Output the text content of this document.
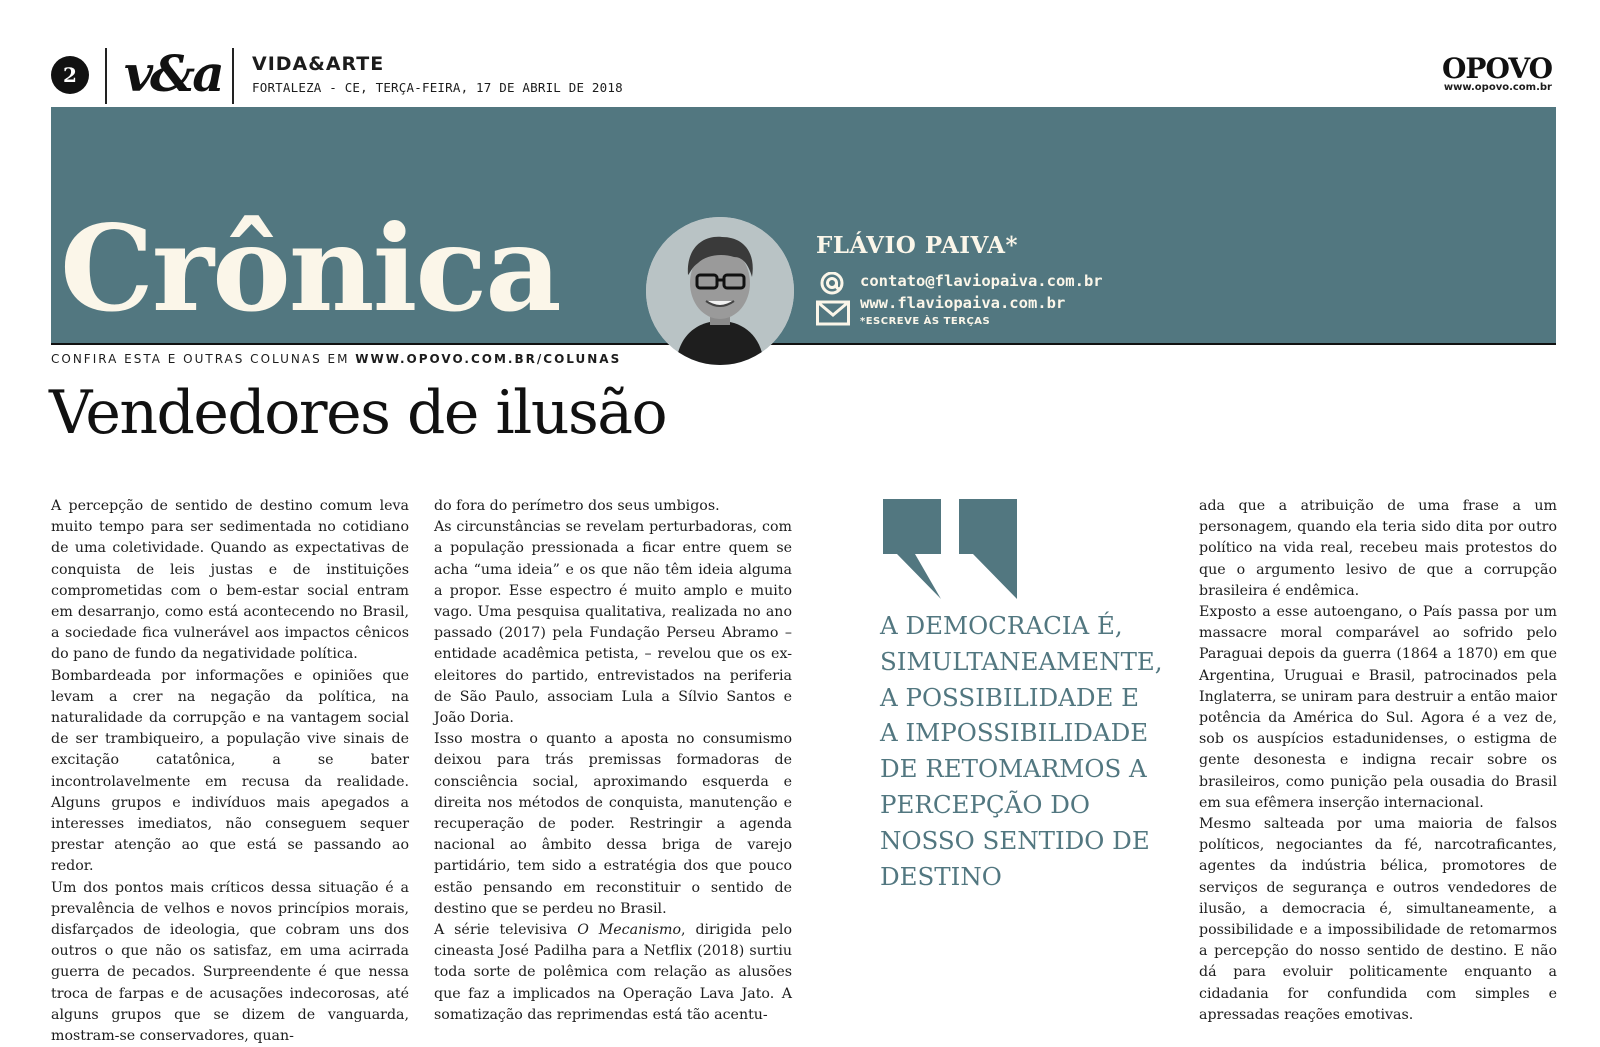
2 v&a VIDA&ARTE
FORTALEZA - CE, TERÇA-FEIRA, 17 DE ABRIL DE 2018
OPOVO
www.opovo.com.br
Crônica	FLÁVIO PAIVA*
contato@flaviopaiva.com.br
www.flaviopaiva.com.br
*ESCREVE ÀS TERÇAS
CONFIRA ESTA E OUTRAS COLUNAS EM WWW.OPOVO.COM.BR/COLUNAS
Vendedores de ilusão

A percepção de sentido de destino comum leva muito tempo para ser sedimentada no cotidiano de uma coletividade. Quando as expectativas de conquista de leis justas e de instituições comprometidas com o bem-estar social entram em desarranjo, como está acontecendo no Brasil, a sociedade fica vulnerável aos impactos cênicos do pano de fundo da negatividade política.

Bombardeada por informações e opiniões que levam a crer na negação da política, na naturalidade da corrupção e na vantagem social de ser trambiqueiro, a população vive sinais de excitação catatônica, a se bater incontrolavelmente em recusa da realidade. Alguns grupos e indivíduos mais apegados a interesses imediatos, não conseguem sequer prestar atenção ao que está se passando ao redor.

Um dos pontos mais críticos dessa situação é a prevalência de velhos e novos princípios morais, disfarçados de ideologia, que cobram uns dos outros o que não os satisfaz, em uma acirrada guerra de pecados. Surpreendente é que nessa troca de farpas e de acusações indecorosas, até alguns grupos que se dizem de vanguarda, mostram-se conservadores, quan-

do fora do perímetro dos seus umbigos.

As circunstâncias se revelam perturbadoras, com a população pressionada a ficar entre quem se acha “uma ideia” e os que não têm ideia alguma a propor. Esse espectro é muito amplo e muito vago. Uma pesquisa qualitativa, realizada no ano passado (2017) pela Fundação Perseu Abramo – entidade acadêmica petista, – revelou que os ex-eleitores do partido, entrevistados na periferia de São Paulo, associam Lula a Sílvio Santos e João Doria.

Isso mostra o quanto a aposta no consumismo deixou para trás premissas formadoras de consciência social, aproximando esquerda e direita nos métodos de conquista, manutenção e recuperação de poder. Restringir a agenda nacional ao âmbito dessa briga de varejo partidário, tem sido a estratégia dos que pouco estão pensando em reconstituir o sentido de destino que se perdeu no Brasil.

A série televisiva O Mecanismo, dirigida pelo cineasta José Padilha para a Netflix (2018) surtiu toda sorte de polêmica com relação as alusões que faz a implicados na Operação Lava Jato. A somatização das reprimendas está tão acentu-

A DEMOCRACIA É, SIMULTANEAMENTE, A POSSIBILIDADE E A IMPOSSIBILIDADE DE RETOMARMOS A PERCEPÇÃO DO NOSSO SENTIDO DE DESTINO

ada que a atribuição de uma frase a um personagem, quando ela teria sido dita por outro político na vida real, recebeu mais protestos do que o argumento lesivo de que a corrupção brasileira é endêmica.

Exposto a esse autoengano, o País passa por um massacre moral comparável ao sofrido pelo Paraguai depois da guerra (1864 a 1870) em que Argentina, Uruguai e Brasil, patrocinados pela Inglaterra, se uniram para destruir a então maior potência da América do Sul. Agora é a vez de, sob os auspícios estadunidenses, o estigma de gente desonesta e indigna recair sobre os brasileiros, como punição pela ousadia do Brasil em sua efêmera inserção internacional.

Mesmo salteada por uma maioria de falsos políticos, negociantes da fé, narcotraficantes, agentes da indústria bélica, promotores de serviços de segurança e outros vendedores de ilusão, a democracia é, simultaneamente, a possibilidade e a impossibilidade de retomarmos a percepção do nosso sentido de destino. E não dá para evoluir politicamente enquanto a cidadania for confundida com simples e apressadas reações emotivas.
